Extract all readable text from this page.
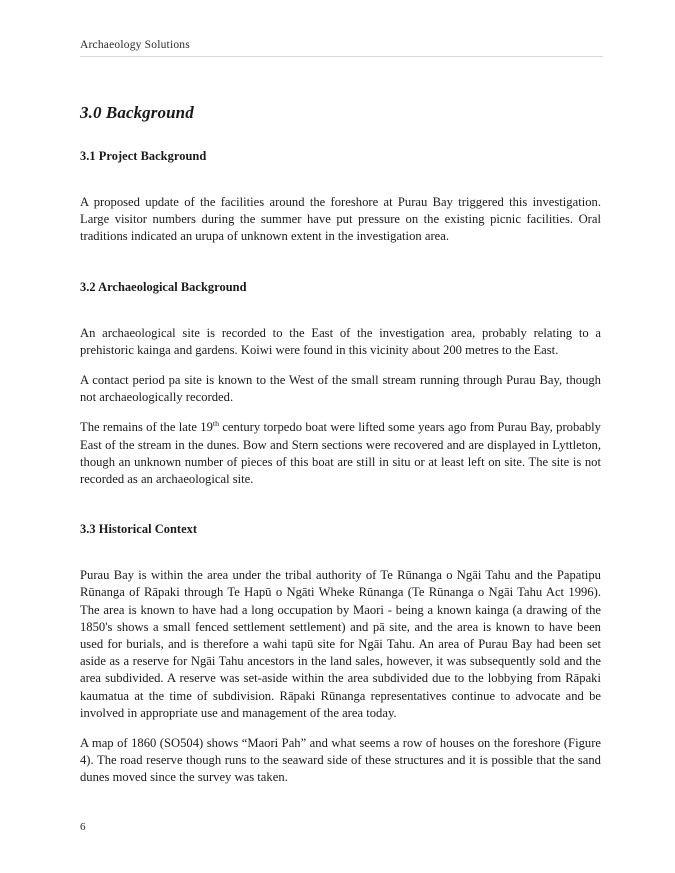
Archaeology Solutions
3.0 Background
3.1 Project Background

A proposed update of the facilities around the foreshore at Purau Bay triggered this investigation. Large visitor numbers during the summer have put pressure on the existing picnic facilities. Oral traditions indicated an urupa of unknown extent in the investigation area.

3.2 Archaeological Background

An archaeological site is recorded to the East of the investigation area, probably relating to a prehistoric kainga and gardens. Koiwi were found in this vicinity about 200 metres to the East.

A contact period pa site is known to the West of the small stream running through Purau Bay, though not archaeologically recorded.

The remains of the late 19th century torpedo boat were lifted some years ago from Purau Bay, probably East of the stream in the dunes. Bow and Stern sections were recovered and are displayed in Lyttleton, though an unknown number of pieces of this boat are still in situ or at least left on site. The site is not recorded as an archaeological site.

3.3 Historical Context

Purau Bay is within the area under the tribal authority of Te Rūnanga o Ngāi Tahu and the Papatipu Rūnanga of Rāpaki through Te Hapū o Ngāti Wheke Rūnanga (Te Rūnanga o Ngāi Tahu Act 1996). The area is known to have had a long occupation by Maori - being a known kainga (a drawing of the 1850's shows a small fenced settlement settlement) and pā site, and the area is known to have been used for burials, and is therefore a wahi tapū site for Ngāi Tahu. An area of Purau Bay had been set aside as a reserve for Ngāi Tahu ancestors in the land sales, however, it was subsequently sold and the area subdivided. A reserve was set-aside within the area subdivided due to the lobbying from Rāpaki kaumatua at the time of subdivision. Rāpaki Rūnanga representatives continue to advocate and be involved in appropriate use and management of the area today.

A map of 1860 (SO504) shows “Maori Pah” and what seems a row of houses on the foreshore (Figure 4). The road reserve though runs to the seaward side of these structures and it is possible that the sand dunes moved since the survey was taken.

6
